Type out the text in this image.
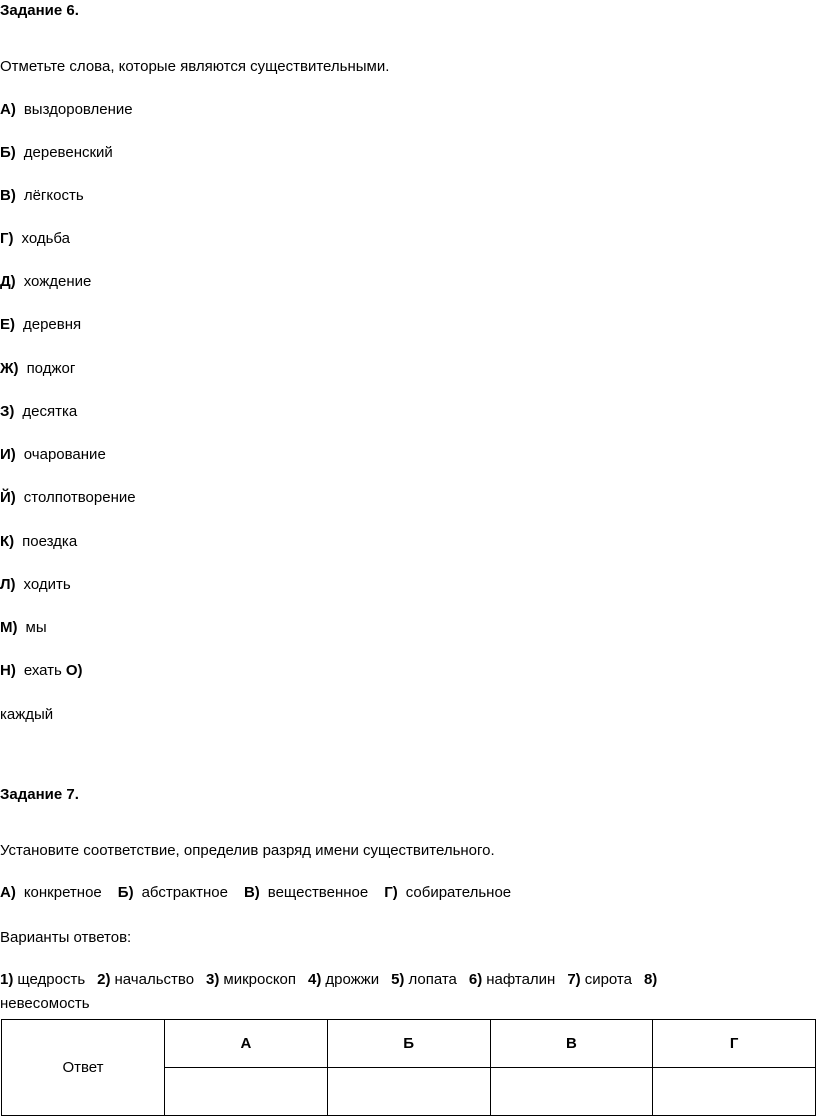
Задание 6.
Отметьте слова, которые являются существительными.
А) выздоровление
Б) деревенский
В) лёгкость
Г) ходьба
Д) хождение
Е) деревня
Ж) поджог
З) десятка
И) очарование
Й) столпотворение
К) поездка
Л) ходить
М) мы
Н) ехать О)
каждый
Задание 7.
Установите соответствие, определив разряд имени существительного.
А) конкретное Б) абстрактное В) вещественное Г) собирательное
Варианты ответов:
1) щедрость 2) начальство 3) микроскоп 4) дрожжи 5) лопата 6) нафталин 7) сирота 8)
невесомость
Ответ	А	Б	В	Г
